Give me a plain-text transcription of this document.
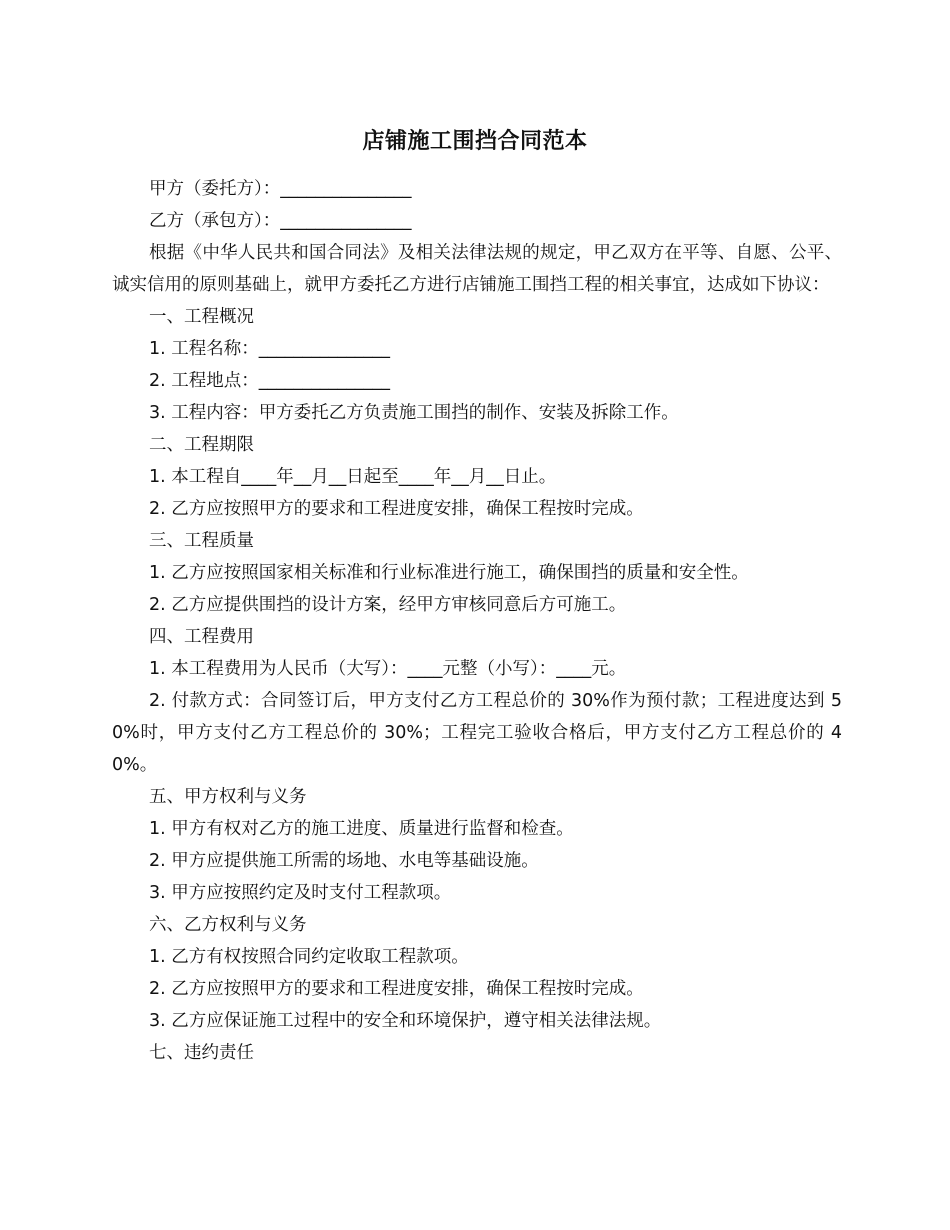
店铺施工围挡合同范本

甲方（委托方）：_______________

乙方（承包方）：_______________

根据《中华人民共和国合同法》及相关法律法规的规定，甲乙双方在平等、自愿、公平、诚实信用的原则基础上，就甲方委托乙方进行店铺施工围挡工程的相关事宜，达成如下协议：

一、工程概况

1. 工程名称：_______________

2. 工程地点：_______________

3. 工程内容：甲方委托乙方负责施工围挡的制作、安装及拆除工作。

二、工程期限

1. 本工程自____年__月__日起至____年__月__日止。

2. 乙方应按照甲方的要求和工程进度安排，确保工程按时完成。

三、工程质量

1. 乙方应按照国家相关标准和行业标准进行施工，确保围挡的质量和安全性。

2. 乙方应提供围挡的设计方案，经甲方审核同意后方可施工。

四、工程费用

1. 本工程费用为人民币（大写）：____元整（小写）：____元。

2. 付款方式：合同签订后，甲方支付乙方工程总价的 30%作为预付款；工程进度达到 50%时，甲方支付乙方工程总价的 30%；工程完工验收合格后，甲方支付乙方工程总价的 40%。

五、甲方权利与义务

1. 甲方有权对乙方的施工进度、质量进行监督和检查。

2. 甲方应提供施工所需的场地、水电等基础设施。

3. 甲方应按照约定及时支付工程款项。

六、乙方权利与义务

1. 乙方有权按照合同约定收取工程款项。

2. 乙方应按照甲方的要求和工程进度安排，确保工程按时完成。

3. 乙方应保证施工过程中的安全和环境保护，遵守相关法律法规。

七、违约责任
